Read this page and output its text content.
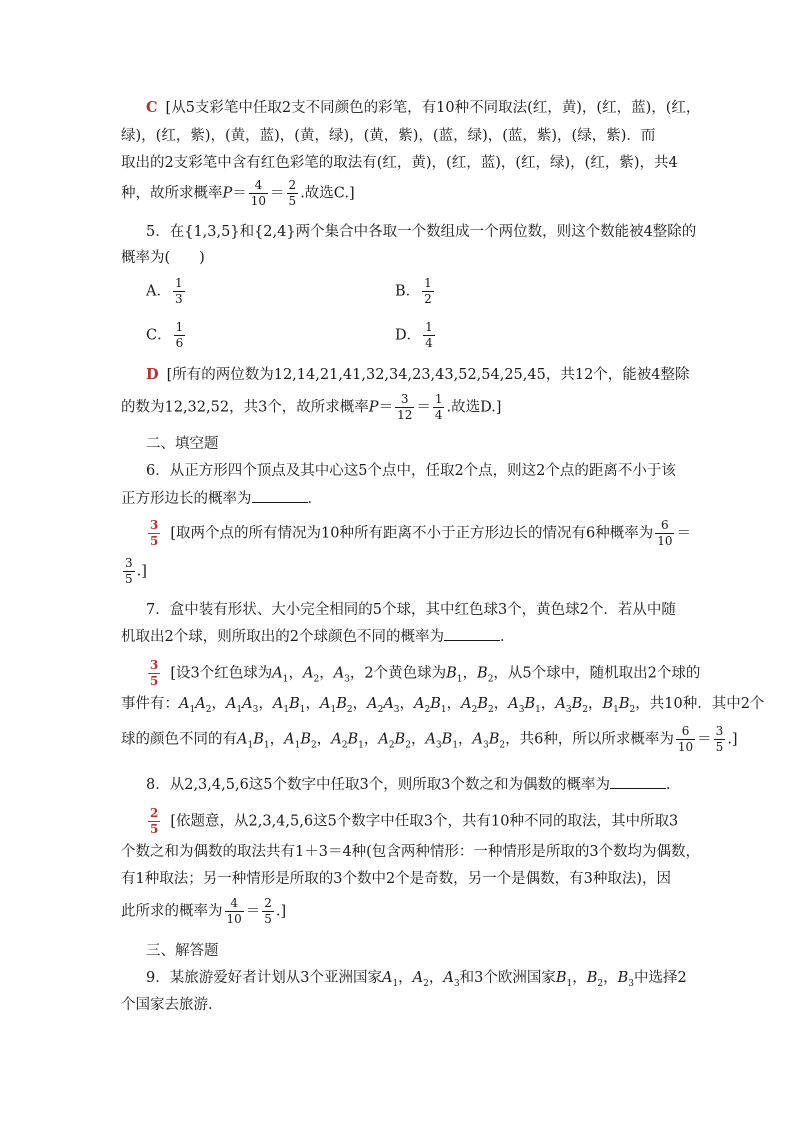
C [从5支彩笔中任取2支不同颜色的彩笔，有10种不同取法(红，黄)，(红，蓝)，(红，
绿)，(红，紫)，(黄，蓝)，(黄，绿)，(黄，紫)，(蓝，绿)，(蓝，紫)，(绿，紫)．而
取出的2支彩笔中含有红色彩笔的取法有(红，黄)，(红，蓝)，(红，绿)，(红，紫)，共4
种，故所求概率$P= \frac{4}{10} = \frac{2}{5}$ .故选C.]
5．在{1,3,5}和{2,4}两个集合中各取一个数组成一个两位数，则这个数能被4整除的
概率为(　　)
A． $\frac{1}{3}$	B． $\frac{1}{2}$
C． $\frac{1}{6}$	D． $\frac{1}{4}$
D [所有的两位数为12,14,21,41,32,34,23,43,52,54,25,45，共12个，能被4整除
的数为12,32,52，共3个，故所求概率$P= \frac{3}{12} = \frac{1}{4}$ .故选D.]
二、填空题
6．从正方形四个顶点及其中心这5个点中，任取2个点，则这2个点的距离不小于该
正方形边长的概率为	．
$\frac{3}{5}$ [取两个点的所有情况为10种所有距离不小于正方形边长的情况有6种概率为 $\frac{6}{10}$ ＝
$\frac{3}{5}$ .]
7．盒中装有形状、大小完全相同的5个球，其中红色球3个，黄色球2个．若从中随
机取出2个球，则所取出的2个球颜色不同的概率为	．
$\frac{3}{5}$ [设3个红色球为$A_1$，$A_2$，$A_3$，2个黄色球为$B_1$，$B_2$，从5个球中，随机取出2个球的
事件有：$A_1A_2$，$A_1A_3$，$A_1B_1$，$A_1B_2$，$A_2A_3$，$A_2B_1$，$A_2B_2$，$A_3B_1$，$A_3B_2$，$B_1B_2$，共10种．其中2个
球的颜色不同的有$A_1B_1$，$A_1B_2$，$A_2B_1$，$A_2B_2$，$A_3B_1$，$A_3B_2$，共6种，所以所求概率为 $\frac{6}{10} = \frac{3}{5}$ .]
8．从2,3,4,5,6这5个数字中任取3个，则所取3个数之和为偶数的概率为	．
$\frac{2}{5}$ [依题意，从2,3,4,5,6这5个数字中任取3个，共有10种不同的取法，其中所取3
个数之和为偶数的取法共有1＋3＝4种(包含两种情形：一种情形是所取的3个数均为偶数，
有1种取法；另一种情形是所取的3个数中2个是奇数，另一个是偶数，有3种取法)，因
此所求的概率为 $\frac{4}{10} = \frac{2}{5}$ .]
三、解答题
9．某旅游爱好者计划从3个亚洲国家$A_1$，$A_2$，$A_3$和3个欧洲国家$B_1$，$B_2$，$B_3$中选择2
个国家去旅游．
